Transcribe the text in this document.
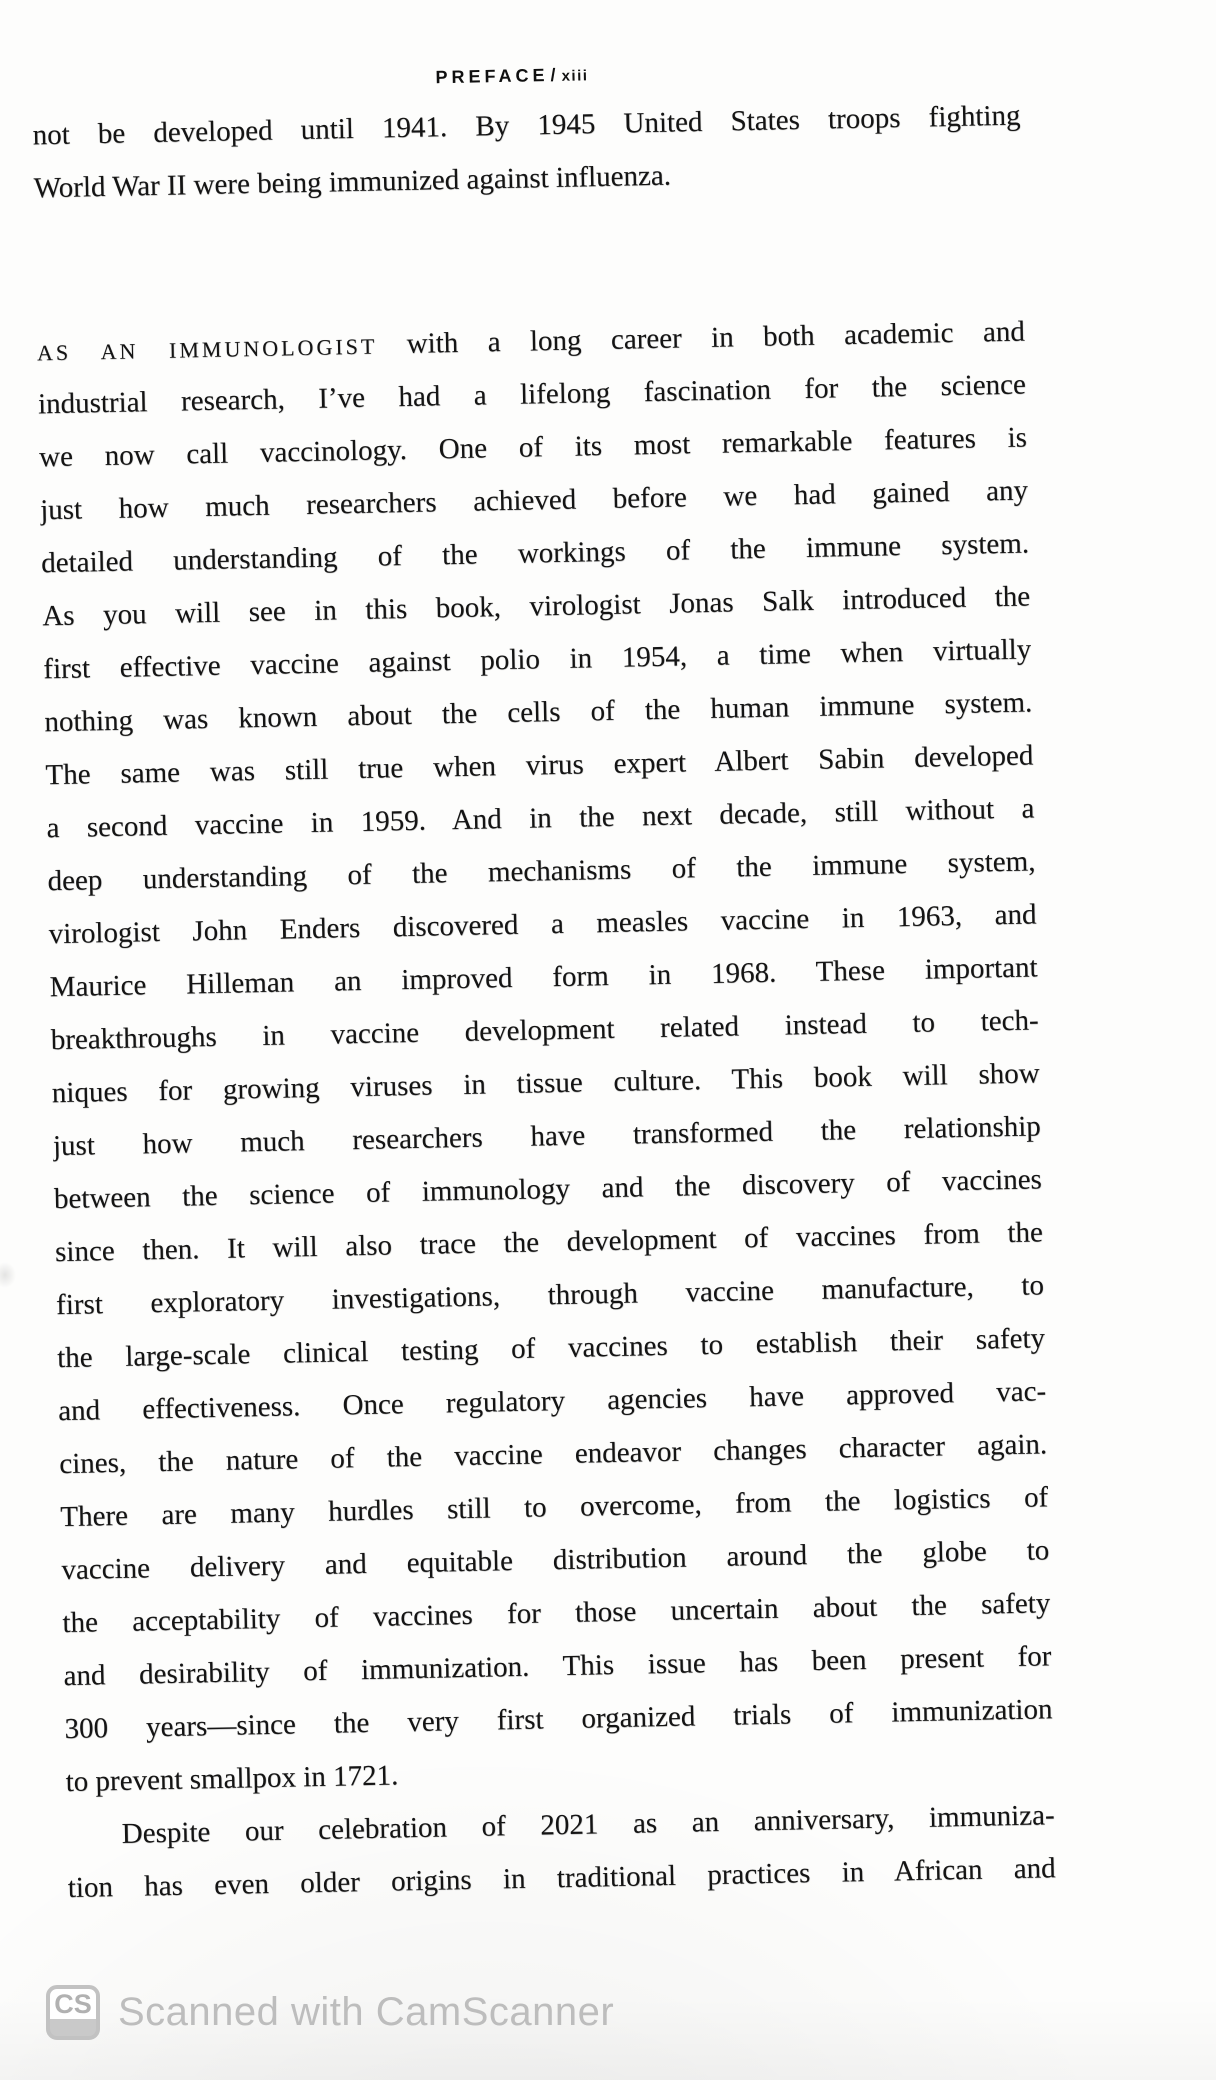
PREFACE/ xiii
not be developed until 1941. By 1945 United States troops fighting
World War II were being immunized against influenza.
AS AN IMMUNOLOGIST with a long career in both academic and
industrial research, I’ve had a lifelong fascination for the science
we now call vaccinology. One of its most remarkable features is
just how much researchers achieved before we had gained any
detailed understanding of the workings of the immune system.
As you will see in this book, virologist Jonas Salk introduced the
first effective vaccine against polio in 1954, a time when virtually
nothing was known about the cells of the human immune system.
The same was still true when virus expert Albert Sabin developed
a second vaccine in 1959. And in the next decade, still without a
deep understanding of the mechanisms of the immune system,
virologist John Enders discovered a measles vaccine in 1963, and
Maurice Hilleman an improved form in 1968. These important
breakthroughs in vaccine development related instead to tech-
niques for growing viruses in tissue culture. This book will show
just how much researchers have transformed the relationship
between the science of immunology and the discovery of vaccines
since then. It will also trace the development of vaccines from the
first exploratory investigations, through vaccine manufacture, to
the large-scale clinical testing of vaccines to establish their safety
and effectiveness. Once regulatory agencies have approved vac-
cines, the nature of the vaccine endeavor changes character again.
There are many hurdles still to overcome, from the logistics of
vaccine delivery and equitable distribution around the globe to
the acceptability of vaccines for those uncertain about the safety
and desirability of immunization. This issue has been present for
300 years—since the very first organized trials of immunization
to prevent smallpox in 1721.
Despite our celebration of 2021 as an anniversary, immuniza-
tion has even older origins in traditional practices in African and
CS Scanned with CamScanner
